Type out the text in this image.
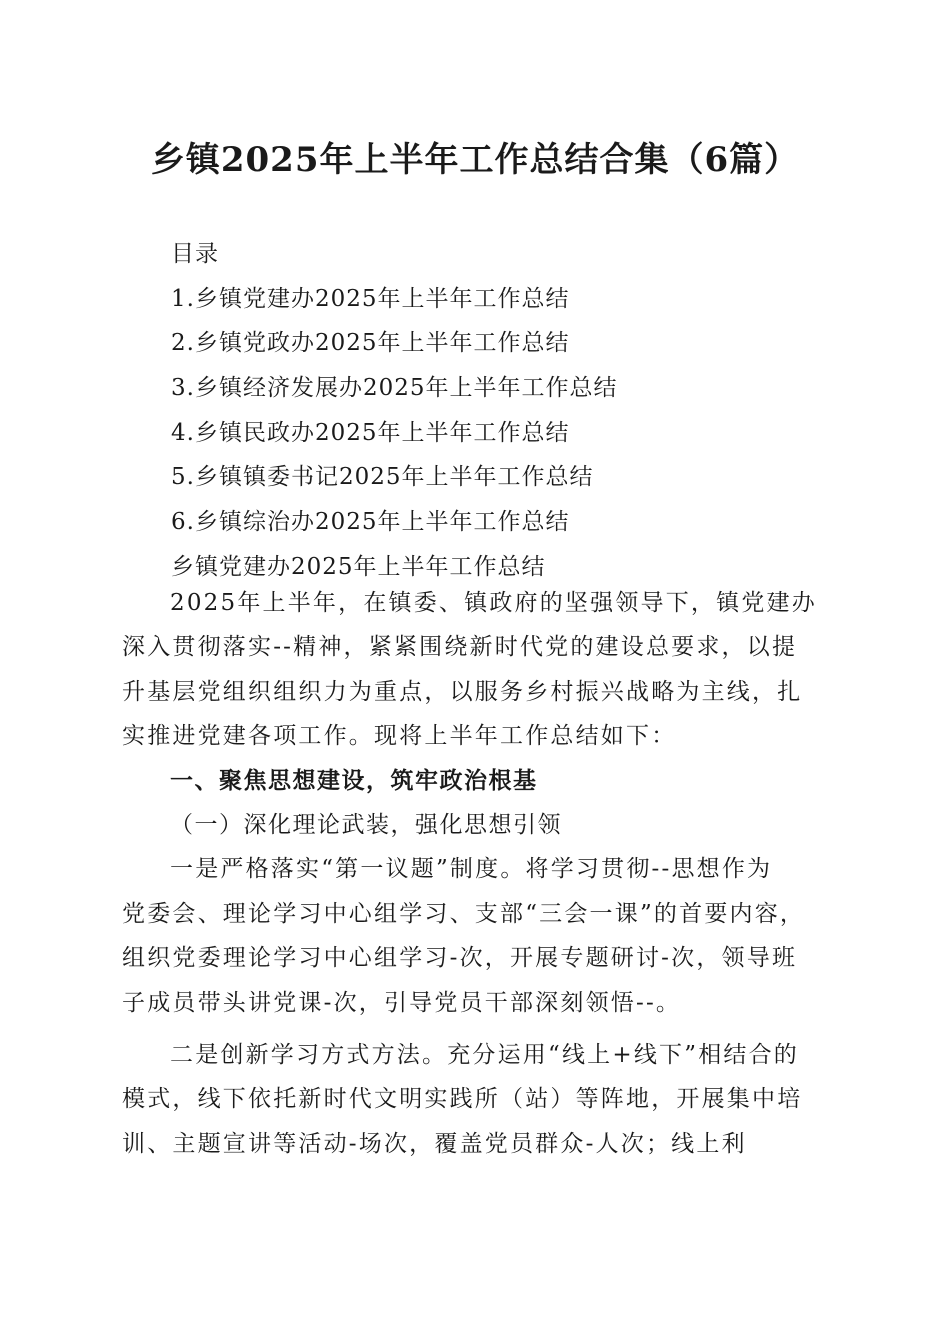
乡镇2025年上半年工作总结合集（6篇）
目录
1.乡镇党建办2025年上半年工作总结
2.乡镇党政办2025年上半年工作总结
3.乡镇经济发展办2025年上半年工作总结
4.乡镇民政办2025年上半年工作总结
5.乡镇镇委书记2025年上半年工作总结
6.乡镇综治办2025年上半年工作总结
乡镇党建办2025年上半年工作总结
2025年上半年，在镇委、镇政府的坚强领导下，镇党建办
深入贯彻落实--精神，紧紧围绕新时代党的建设总要求，以提
升基层党组织组织力为重点，以服务乡村振兴战略为主线，扎
实推进党建各项工作。现将上半年工作总结如下：
一、聚焦思想建设，筑牢政治根基
（一）深化理论武装，强化思想引领
一是严格落实“第一议题”制度。将学习贯彻--思想作为
党委会、理论学习中心组学习、支部“三会一课”的首要内容，
组织党委理论学习中心组学习-次，开展专题研讨-次，领导班
子成员带头讲党课-次，引导党员干部深刻领悟--。
二是创新学习方式方法。充分运用“线上+线下”相结合的
模式，线下依托新时代文明实践所（站）等阵地，开展集中培
训、主题宣讲等活动-场次，覆盖党员群众-人次；线上利
